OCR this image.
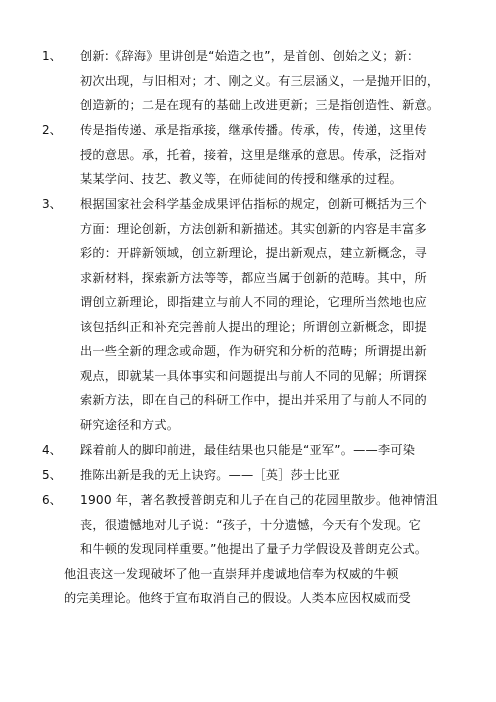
1、 创新:《辞海》里讲创是“始造之也”，是首创、创始之义；新：
初次出现，与旧相对；才、刚之义。有三层涵义，一是抛开旧的，
创造新的；二是在现有的基础上改进更新；三是指创造性、新意。
2、 传是指传递、承是指承接，继承传播。传承，传，传递，这里传
授的意思。承，托着，接着，这里是继承的意思。传承，泛指对
某某学问、技艺、教义等，在师徒间的传授和继承的过程。
3、 根据国家社会科学基金成果评估指标的规定，创新可概括为三个
方面：理论创新，方法创新和新描述。其实创新的内容是丰富多
彩的：开辟新领域，创立新理论，提出新观点，建立新概念，寻
求新材料，探索新方法等等，都应当属于创新的范畴。其中，所
谓创立新理论，即指建立与前人不同的理论，它理所当然地也应
该包括纠正和补充完善前人提出的理论；所谓创立新概念，即提
出一些全新的理念或命题，作为研究和分析的范畴；所谓提出新
观点，即就某一具体事实和问题提出与前人不同的见解；所谓探
索新方法，即在自己的科研工作中，提出并采用了与前人不同的
研究途径和方式。
4、 踩着前人的脚印前进，最佳结果也只能是“亚军”。——李可染
5、 推陈出新是我的无上诀窍。——［英］莎士比亚
6、 1900 年，著名教授普朗克和儿子在自己的花园里散步。他神情沮
丧，很遗憾地对儿子说：“孩子，十分遗憾，今天有个发现。它
和牛顿的发现同样重要。”他提出了量子力学假设及普朗克公式。
他沮丧这一发现破坏了他一直崇拜并虔诚地信奉为权威的牛顿
的完美理论。他终于宣布取消自己的假设。人类本应因权威而受
